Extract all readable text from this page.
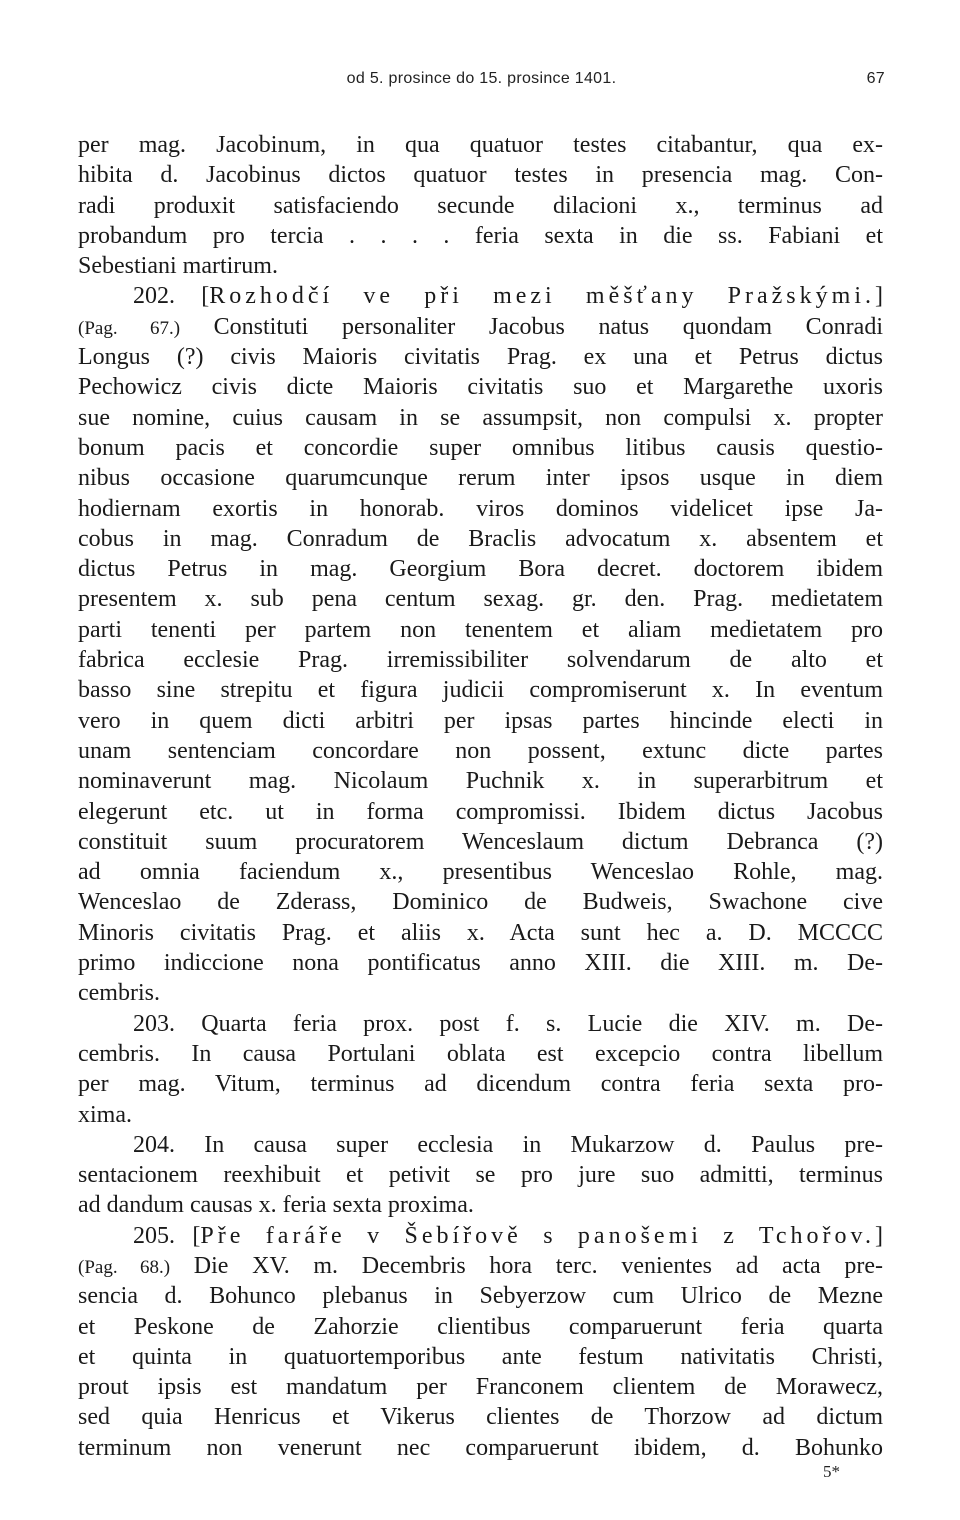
od 5. prosince do 15. prosince 1401.	67
per mag. Jacobinum, in qua quatuor testes citabantur, qua ex-
hibita d. Jacobinus dictos quatuor testes in presencia mag. Con-
radi produxit satisfaciendo secunde dilacioni x., terminus ad
probandum pro tercia . . . . feria sexta in die ss. Fabiani et
Sebestiani martirum.
202. [Rozhodčí ve při mezi měšťany Pražskými.]
(Pag. 67.) Constituti personaliter Jacobus natus quondam Conradi
Longus (?) civis Maioris civitatis Prag. ex una et Petrus dictus
Pechowicz civis dicte Maioris civitatis suo et Margarethe uxoris
sue nomine, cuius causam in se assumpsit, non compulsi x. propter
bonum pacis et concordie super omnibus litibus causis questio-
nibus occasione quarumcunque rerum inter ipsos usque in diem
hodiernam exortis in honorab. viros dominos videlicet ipse Ja-
cobus in mag. Conradum de Braclis advocatum x. absentem et
dictus Petrus in mag. Georgium Bora decret. doctorem ibidem
presentem x. sub pena centum sexag. gr. den. Prag. medietatem
parti tenenti per partem non tenentem et aliam medietatem pro
fabrica ecclesie Prag. irremissibiliter solvendarum de alto et
basso sine strepitu et figura judicii compromiserunt x. In eventum
vero in quem dicti arbitri per ipsas partes hincinde electi in
unam sentenciam concordare non possent, extunc dicte partes
nominaverunt mag. Nicolaum Puchnik x. in superarbitrum et
elegerunt etc. ut in forma compromissi. Ibidem dictus Jacobus
constituit suum procuratorem Wenceslaum dictum Debranca (?)
ad omnia faciendum x., presentibus Wenceslao Rohle, mag.
Wenceslao de Zderass, Dominico de Budweis, Swachone cive
Minoris civitatis Prag. et aliis x. Acta sunt hec a. D. MCCCC
primo indiccione nona pontificatus anno XIII. die XIII. m. De-
cembris.
203. Quarta feria prox. post f. s. Lucie die XIV. m. De-
cembris. In causa Portulani oblata est excepcio contra libellum
per mag. Vitum, terminus ad dicendum contra feria sexta pro-
xima.
204. In causa super ecclesia in Mukarzow d. Paulus pre-
sentacionem reexhibuit et petivit se pro jure suo admitti, terminus
ad dandum causas x. feria sexta proxima.
205. [Pře faráře v Šebířově s panošemi z Tchořov.]
(Pag. 68.) Die XV. m. Decembris hora terc. venientes ad acta pre-
sencia d. Bohunco plebanus in Sebyerzow cum Ulrico de Mezne
et Peskone de Zahorzie clientibus comparuerunt feria quarta
et quinta in quatuortemporibus ante festum nativitatis Christi,
prout ipsis est mandatum per Franconem clientem de Morawecz,
sed quia Henricus et Vikerus clientes de Thorzow ad dictum
terminum non venerunt nec comparuerunt ibidem, d. Bohunko
5*
